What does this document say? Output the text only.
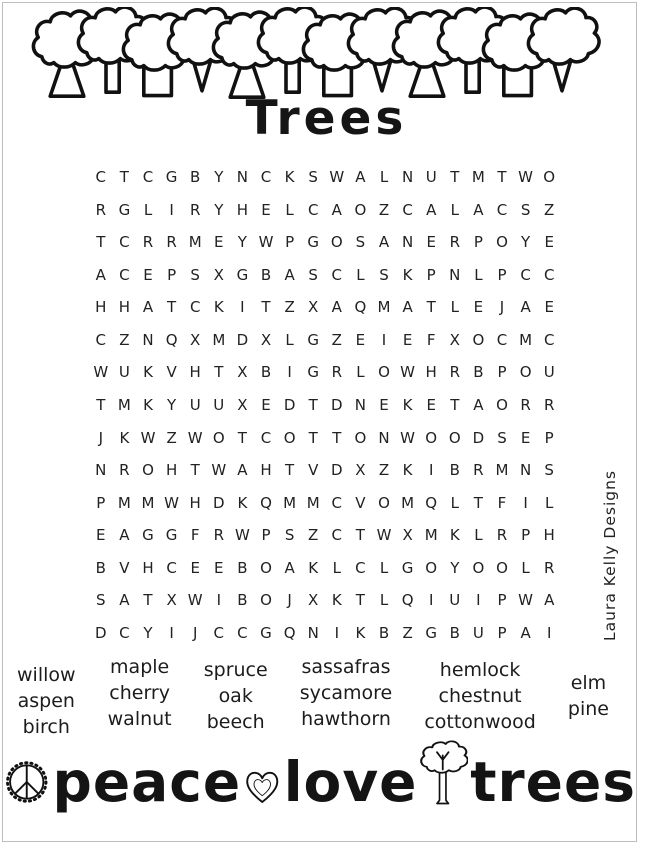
Trees
C T C G B Y N C K S W A L N U T M T W O
R G L	I	R Y H E L C A O Z C A L A C S Z
T C R R M E Y W P G O S A N E R P O Y E
A C E P S X G B A S C L S K P N L P C C
H H A T C K	I	T Z X A Q M A T L E	J	A E
C Z N Q X M D X L G Z E	I	E F X O C M C
W U K V H T X B	I	G R L O W H R B P O U
T M K Y U U X E D T D N E K E T A O R R
J	K W Z W O T C O T T O N W O O D S E P
N R O H T W A H T V D X Z K	I	B R M N S
P M M W H D K Q M M C V O M Q L T F	I	L
E A G G F R W P S Z C T W X M K L R P H
B V H C E E B O A K L C L G O Y O O L R
S A T X W I	B O	J	X K T L Q	I	U	I	P W A
D C Y	I	J	C C G Q N	I	K B Z G B U P A	I
willow
aspen
birch
maple
cherry
walnut
spruce
oak
beech
sassafras
sycamore
hawthorn
hemlock
chestnut
cottonwood
elm
pine
Laura Kelly Designs
peace love trees
